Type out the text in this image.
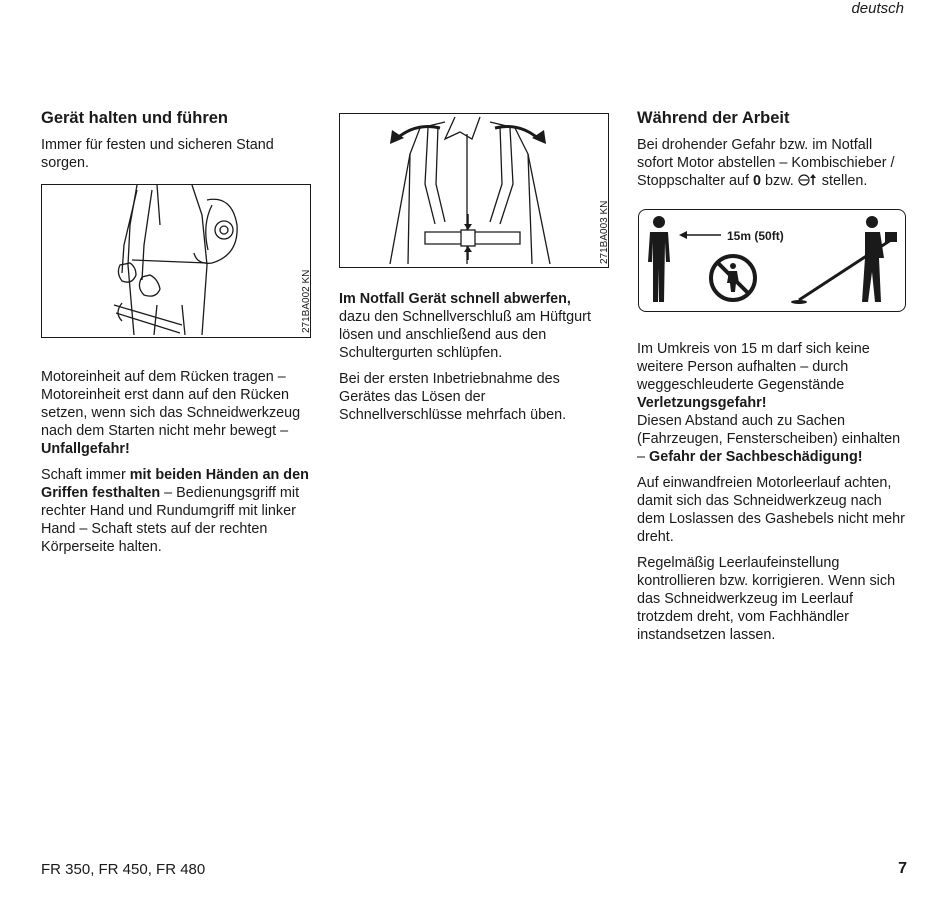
deutsch
Gerät halten und führen

Immer für festen und sicheren Stand sorgen.

271BA002 KN

Motoreinheit auf dem Rücken tragen – Motoreinheit erst dann auf den Rücken setzen, wenn sich das Schneidwerkzeug nach dem Starten nicht mehr bewegt – Unfallgefahr!

Schaft immer mit beiden Händen an den Griffen festhalten – Bedienungsgriff mit rechter Hand und Rundumgriff mit linker Hand – Schaft stets auf der rechten Körperseite halten.

271BA003 KN

Im Notfall Gerät schnell abwerfen,
dazu den Schnellverschluß am Hüftgurt lösen und anschließend aus den Schultergurten schlüpfen.

Bei der ersten Inbetriebnahme des Gerätes das Lösen der Schnellverschlüsse mehrfach üben.

Während der Arbeit

Bei drohender Gefahr bzw. im Notfall sofort Motor abstellen – Kombischieber / Stoppschalter auf 0 bzw.  stellen.

15m (50ft)

Im Umkreis von 15 m darf sich keine weitere Person aufhalten – durch weggeschleuderte Gegenstände Verletzungsgefahr!
Diesen Abstand auch zu Sachen (Fahrzeugen, Fensterscheiben) einhalten – Gefahr der Sachbeschädigung!

Auf einwandfreien Motorleerlauf achten, damit sich das Schneidwerkzeug nach dem Loslassen des Gashebels nicht mehr dreht.

Regelmäßig Leerlaufeinstellung kontrollieren bzw. korrigieren. Wenn sich das Schneidwerkzeug im Leerlauf trotzdem dreht, vom Fachhändler instandsetzen lassen.

FR 350, FR 450, FR 480	7
